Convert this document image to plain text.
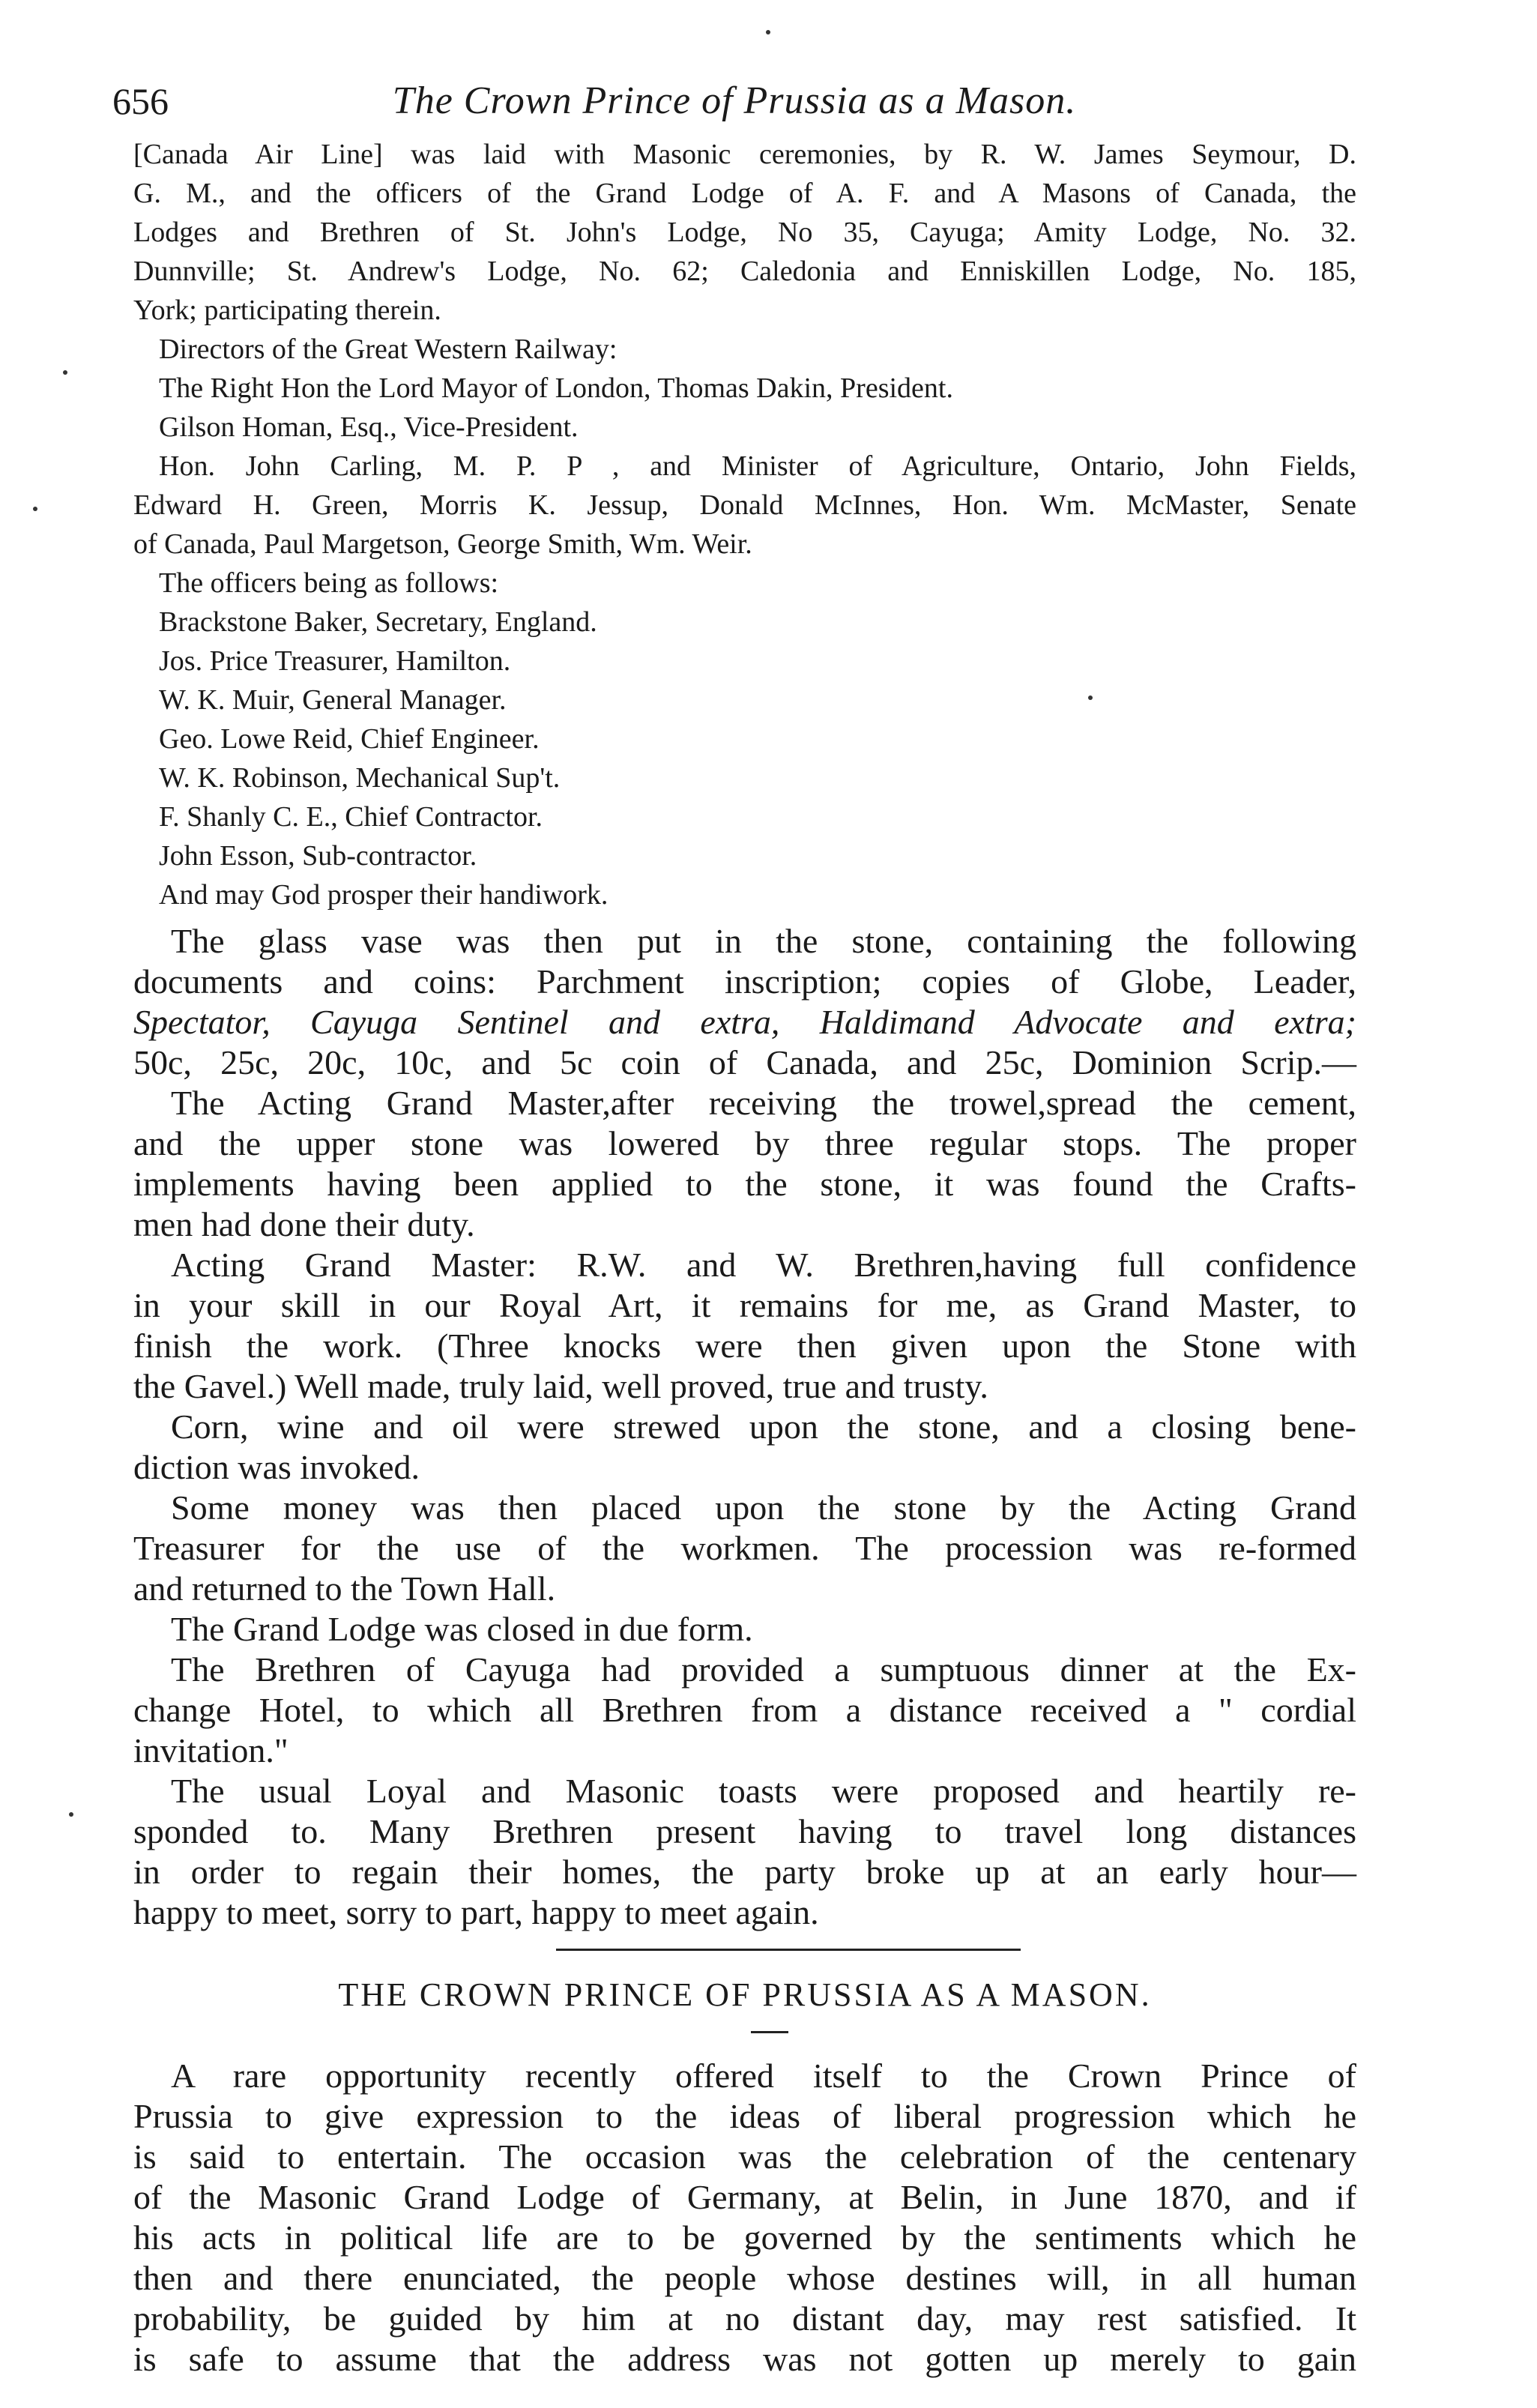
656	The Crown Prince of Prussia as a Mason.
[Canada Air Line] was laid with Masonic ceremonies, by R. W. James Seymour, D.
G. M., and the officers of the Grand Lodge of A. F. and A Masons of Canada, the
Lodges and Brethren of St. John's Lodge, No 35, Cayuga; Amity Lodge, No. 32.
Dunnville; St. Andrew's Lodge, No. 62; Caledonia and Enniskillen Lodge, No. 185,
York; participating therein.
Directors of the Great Western Railway:
The Right Hon the Lord Mayor of London, Thomas Dakin, President.
Gilson Homan, Esq., Vice-President.
Hon. John Carling, M. P. P , and Minister of Agriculture, Ontario, John Fields,
Edward H. Green, Morris K. Jessup, Donald McInnes, Hon. Wm. McMaster, Senate
of Canada, Paul Margetson, George Smith, Wm. Weir.
The officers being as follows:
Brackstone Baker, Secretary, England.
Jos. Price Treasurer, Hamilton.
W. K. Muir, General Manager.
Geo. Lowe Reid, Chief Engineer.
W. K. Robinson, Mechanical Sup't.
F. Shanly C. E., Chief Contractor.
John Esson, Sub-contractor.
And may God prosper their handiwork.
The glass vase was then put in the stone, containing the following
documents and coins: Parchment inscription; copies of Globe, Leader,
Spectator, Cayuga Sentinel and extra, Haldimand Advocate and extra;
50c, 25c, 20c, 10c, and 5c coin of Canada, and 25c, Dominion Scrip.—
The Acting Grand Master,after receiving the trowel,spread the cement,
and the upper stone was lowered by three regular stops. The proper
implements having been applied to the stone, it was found the Crafts-
men had done their duty.
Acting Grand Master: R.W. and W. Brethren,having full confidence
in your skill in our Royal Art, it remains for me, as Grand Master, to
finish the work. (Three knocks were then given upon the Stone with
the Gavel.) Well made, truly laid, well proved, true and trusty.
Corn, wine and oil were strewed upon the stone, and a closing bene-
diction was invoked.
Some money was then placed upon the stone by the Acting Grand
Treasurer for the use of the workmen. The procession was re-formed
and returned to the Town Hall.
The Grand Lodge was closed in due form.
The Brethren of Cayuga had provided a sumptuous dinner at the Ex-
change Hotel, to which all Brethren from a distance received a " cordial
invitation."
The usual Loyal and Masonic toasts were proposed and heartily re-
sponded to. Many Brethren present having to travel long distances
in order to regain their homes, the party broke up at an early hour—
happy to meet, sorry to part, happy to meet again.
THE CROWN PRINCE OF PRUSSIA AS A MASON.
A rare opportunity recently offered itself to the Crown Prince of
Prussia to give expression to the ideas of liberal progression which he
is said to entertain. The occasion was the celebration of the centenary
of the Masonic Grand Lodge of Germany, at Belin, in June 1870, and if
his acts in political life are to be governed by the sentiments which he
then and there enunciated, the people whose destines will, in all human
probability, be guided by him at no distant day, may rest satisfied. It
is safe to assume that the address was not gotten up merely to gain
